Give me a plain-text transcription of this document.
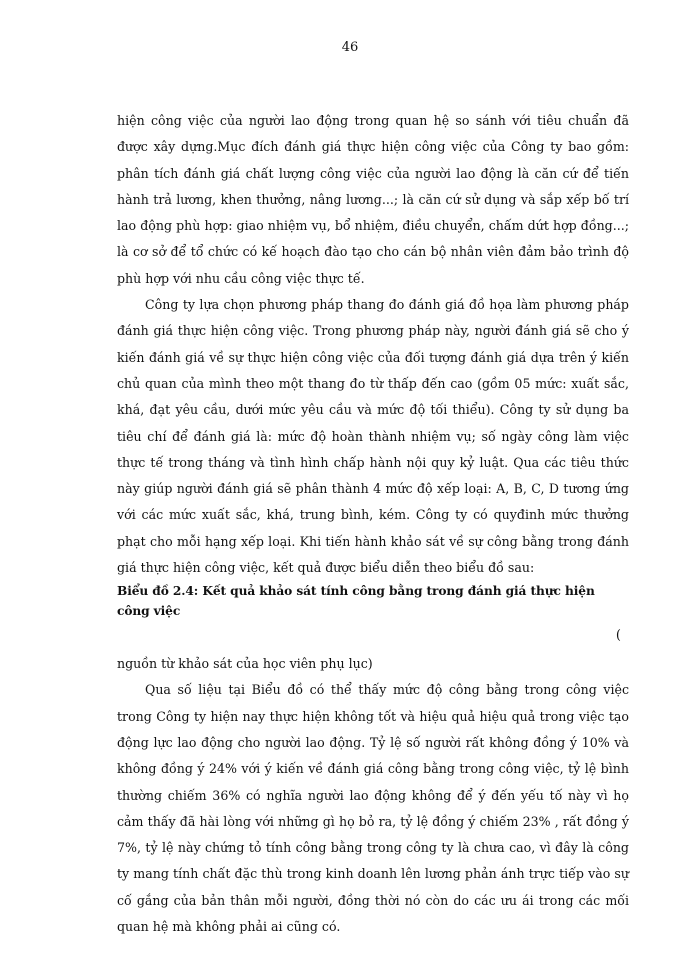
46

hiện công việc của người lao động trong quan hệ so sánh với tiêu chuẩn đã được xây dựng.Mục đích đánh giá thực hiện công việc của Công ty bao gồm: phân tích đánh giá chất lượng công việc của người lao động là căn cứ để tiến hành trả lương, khen thưởng, nâng lương...; là căn cứ sử dụng và sắp xếp bố trí lao động phù hợp: giao nhiệm vụ, bổ nhiệm, điều chuyển, chấm dứt hợp đồng...; là cơ sở để tổ chức có kế hoạch đào tạo cho cán bộ nhân viên đảm bảo trình độ phù hợp với nhu cầu công việc thực tế.

Công ty lựa chọn phương pháp thang đo đánh giá đồ họa làm phương pháp đánh giá thực hiện công việc. Trong phương pháp này, người đánh giá sẽ cho ý kiến đánh giá về sự thực hiện công việc của đối tượng đánh giá dựa trên ý kiến chủ quan của mình theo một thang đo từ thấp đến cao (gồm 05 mức: xuất sắc, khá, đạt yêu cầu, dưới mức yêu cầu và mức độ tối thiểu). Công ty sử dụng ba tiêu chí để đánh giá là: mức độ hoàn thành nhiệm vụ; số ngày công làm việc thực tế trong tháng và tình hình chấp hành nội quy kỷ luật. Qua các tiêu thức này giúp người đánh giá sẽ phân thành 4 mức độ xếp loại: A, B, C, D tương ứng với các mức xuất sắc, khá, trung bình, kém. Công ty có quyđinh mức thưởng phạt cho mỗi hạng xếp loại. Khi tiến hành khảo sát về sự công bằng trong đánh giá thực hiện công việc, kết quả được biểu diễn theo biểu đồ sau:

Biểu đồ 2.4: Kết quả khảo sát tính công bằng trong đánh giá thực hiện công việc

(

nguồn từ khảo sát của học viên phụ lục)

Qua số liệu tại Biểu đồ có thể thấy mức độ công bằng trong công việc trong Công ty hiện nay thực hiện không tốt và hiệu quả hiệu quả trong việc tạo động lực lao động cho người lao động. Tỷ lệ số người rất không đồng ý 10% và không đồng ý 24% với ý kiến về đánh giá công bằng trong công việc, tỷ lệ bình thường chiếm 36% có nghĩa người lao động không để ý đến yếu tố này vì họ cảm thấy đã hài lòng với những gì họ bỏ ra, tỷ lệ đồng ý chiếm 23% , rất đồng ý 7%, tỷ lệ này chứng tỏ tính công bằng trong công ty là chưa cao, vì đây là công ty mang tính chất đặc thù trong kinh doanh lên lương phản ánh trực tiếp vào sự cố gắng của bản thân mỗi người, đồng thời nó còn do các ưu ái trong các mối quan hệ mà không phải ai cũng có.
